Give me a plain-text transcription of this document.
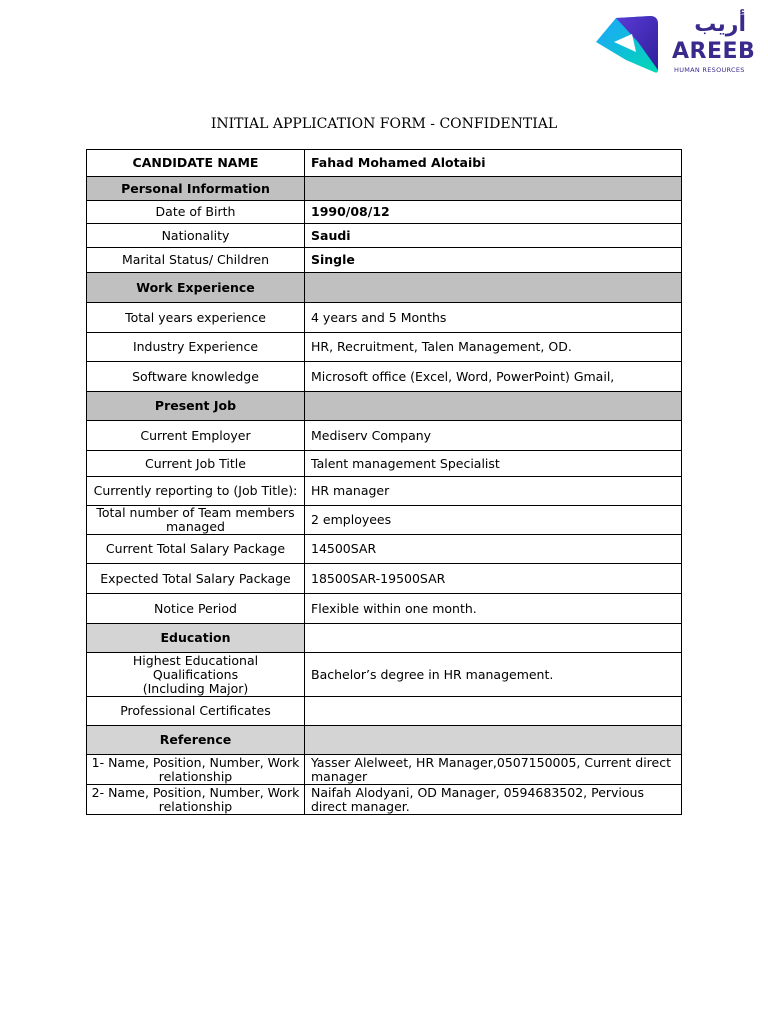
أريب
AREEB
HUMAN RESOURCES
INITIAL APPLICATION FORM - CONFIDENTIAL
CANDIDATE NAME	Fahad Mohamed Alotaibi
Personal Information	
Date of Birth	1990/08/12
Nationality	Saudi
Marital Status/ Children	Single
Work Experience	
Total years experience	4 years and 5 Months
Industry Experience	HR, Recruitment, Talen Management, OD.
Software knowledge	Microsoft office (Excel, Word, PowerPoint) Gmail,
Present Job	
Current Employer	Mediserv Company
Current Job Title	Talent management Specialist
Currently reporting to (Job Title):	HR manager
Total number of Team members managed	2 employees
Current Total Salary Package	14500SAR
Expected Total Salary Package	18500SAR-19500SAR
Notice Period	Flexible within one month.
Education	

Highest Educational
Qualifications
(Including Major)	Bachelor’s degree in HR management.
Professional Certificates	
Reference	
1- Name, Position, Number, Work relationship	Yasser Alelweet, HR Manager,0507150005, Current direct manager
2- Name, Position, Number, Work relationship	Naifah Alodyani, OD Manager, 0594683502, Pervious direct manager.
